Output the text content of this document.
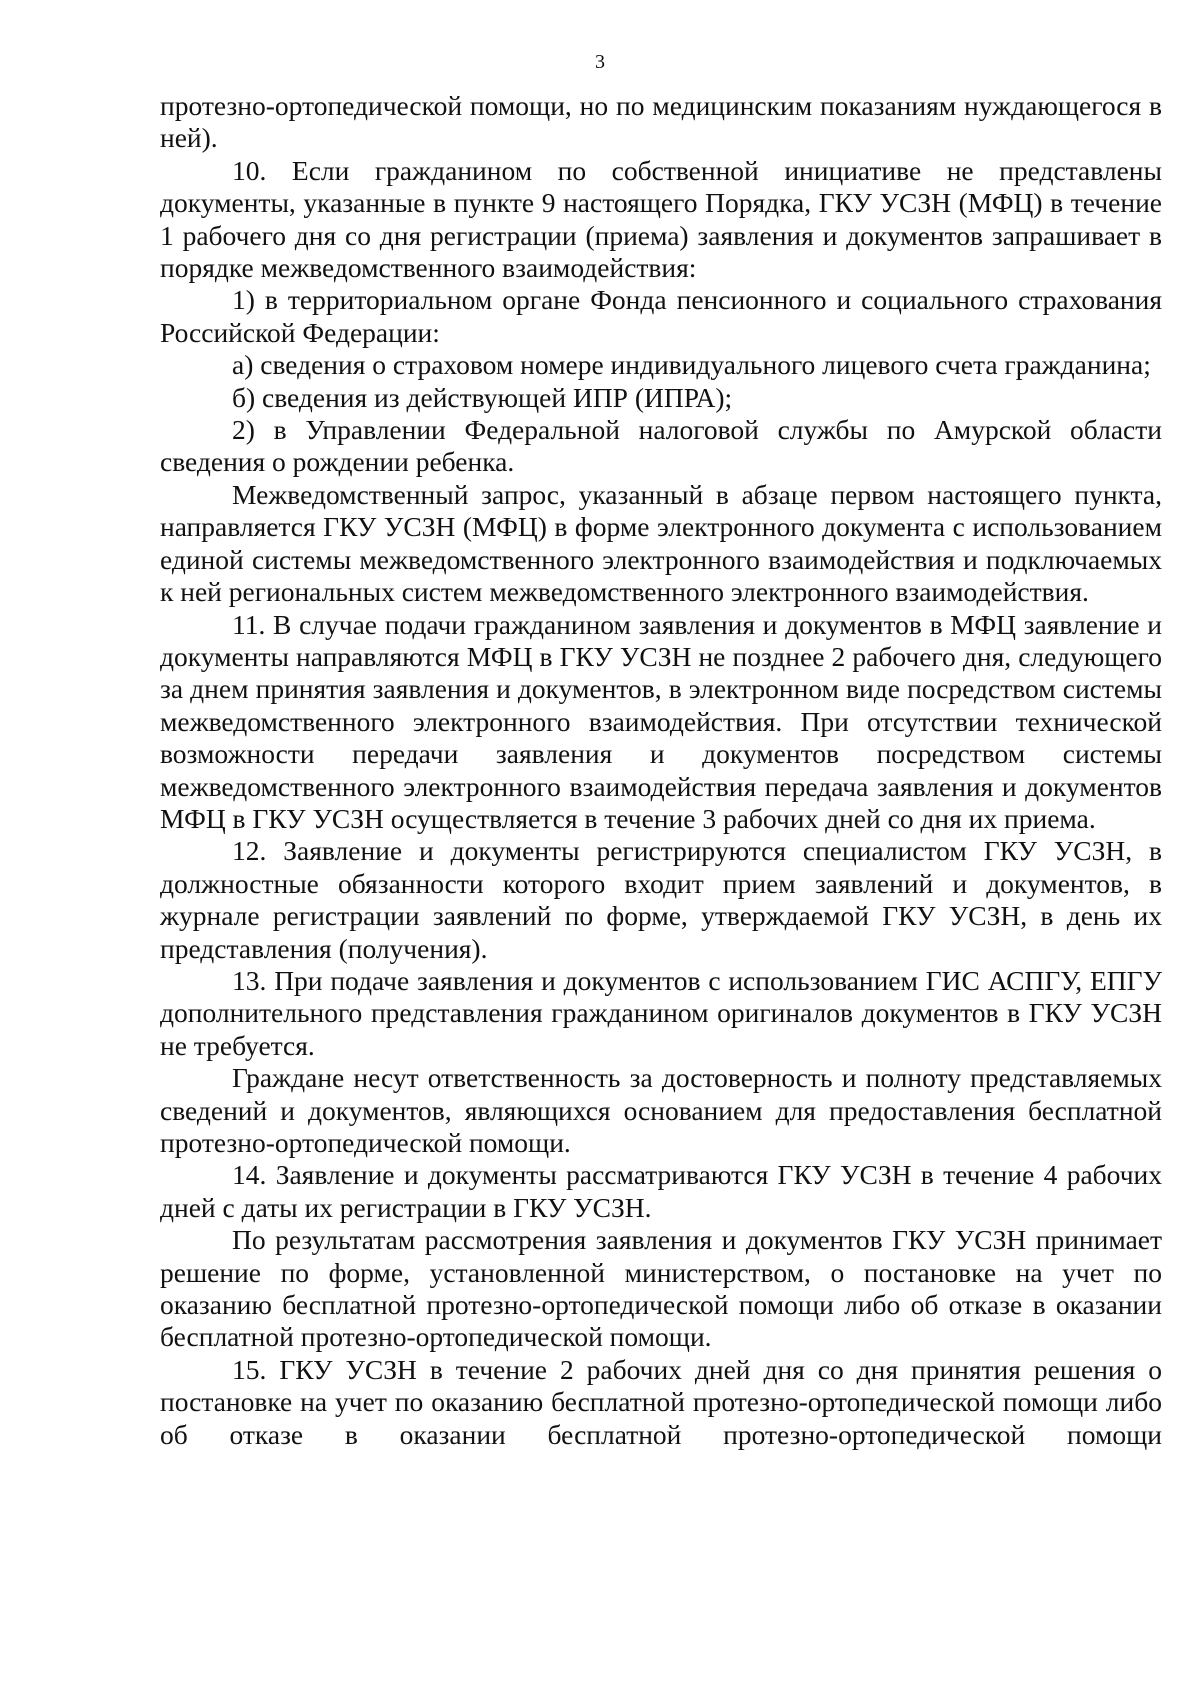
3

протезно-ортопедической помощи, но по медицинским показаниям нуждающегося в ней).

10. Если гражданином по собственной инициативе не представлены документы, указанные в пункте 9 настоящего Порядка, ГКУ УСЗН (МФЦ) в течение 1 рабочего дня со дня регистрации (приема) заявления и документов запрашивает в порядке межведомственного взаимодействия:

1) в территориальном органе Фонда пенсионного и социального страхования Российской Федерации:

а) сведения о страховом номере индивидуального лицевого счета гражданина;

б) сведения из действующей ИПР (ИПРА);

2) в Управлении Федеральной налоговой службы по Амурской области сведения о рождении ребенка.

Межведомственный запрос, указанный в абзаце первом настоящего пункта, направляется ГКУ УСЗН (МФЦ) в форме электронного документа с использованием единой системы межведомственного электронного взаимодействия и подключаемых к ней региональных систем межведомственного электронного взаимодействия.

11. В случае подачи гражданином заявления и документов в МФЦ заявление и документы направляются МФЦ в ГКУ УСЗН не позднее 2 рабочего дня, следующего за днем принятия заявления и документов, в электронном виде посредством системы межведомственного электронного взаимодействия. При отсутствии технической возможности передачи заявления и документов посредством системы межведомственного электронного взаимодействия передача заявления и документов МФЦ в ГКУ УСЗН осуществляется в течение 3 рабочих дней со дня их приема.

12. Заявление и документы регистрируются специалистом ГКУ УСЗН, в должностные обязанности которого входит прием заявлений и документов, в журнале регистрации заявлений по форме, утверждаемой ГКУ УСЗН, в день их представления (получения).

13. При подаче заявления и документов с использованием ГИС АСПГУ, ЕПГУ дополнительного представления гражданином оригиналов документов в ГКУ УСЗН не требуется.

Граждане несут ответственность за достоверность и полноту представляемых сведений и документов, являющихся основанием для предоставления бесплатной протезно-ортопедической помощи.

14. Заявление и документы рассматриваются ГКУ УСЗН в течение 4 рабочих дней с даты их регистрации в ГКУ УСЗН.

По результатам рассмотрения заявления и документов ГКУ УСЗН принимает решение по форме, установленной министерством, о постановке на учет по оказанию бесплатной протезно-ортопедической помощи либо об отказе в оказании бесплатной протезно-ортопедической помощи.

15. ГКУ УСЗН в течение 2 рабочих дней дня со дня принятия решения о постановке на учет по оказанию бесплатной протезно-ортопедической помощи либо об отказе в оказании бесплатной протезно-ортопедической помощи
